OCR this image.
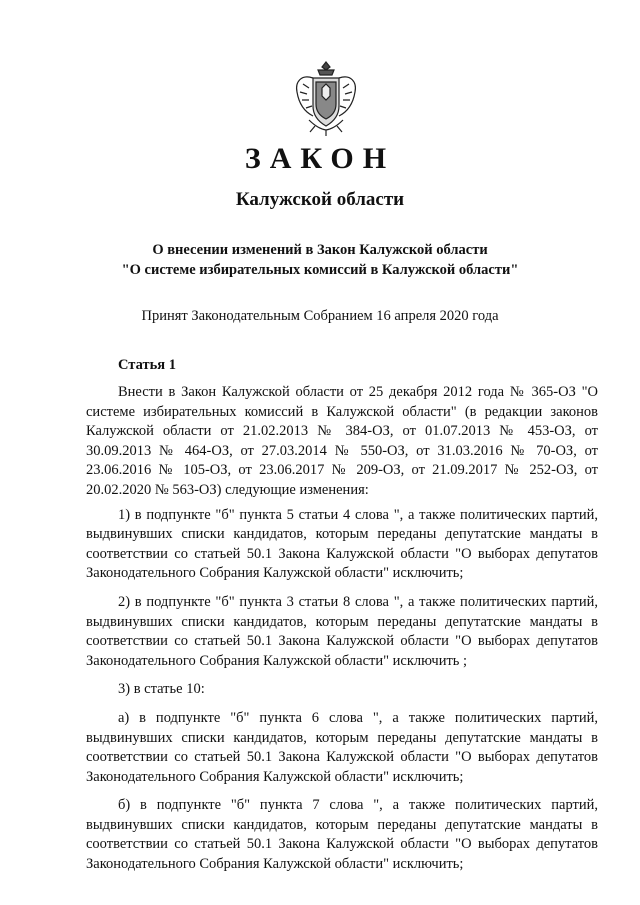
ЗАКОН
Калужской области
О внесении изменений в Закон Калужской области
"О системе избирательных комиссий в Калужской области"
Принят Законодательным Собранием 16 апреля 2020 года

Статья 1

Внести в Закон Калужской области от 25 декабря 2012 года № 365-ОЗ "О системе избирательных комиссий в Калужской области" (в редакции законов Калужской области от 21.02.2013 № 384-ОЗ, от 01.07.2013 № 453-ОЗ, от 30.09.2013 № 464-ОЗ, от 27.03.2014 № 550-ОЗ, от 31.03.2016 № 70-ОЗ, от 23.06.2016 № 105-ОЗ, от 23.06.2017 № 209-ОЗ, от 21.09.2017 № 252-ОЗ, от 20.02.2020 № 563-ОЗ) следующие изменения:

1) в подпункте "б" пункта 5 статьи 4 слова ", а также политических партий, выдвинувших списки кандидатов, которым переданы депутатские мандаты в соответствии со статьей 50.1 Закона Калужской области "О выборах депутатов Законодательного Собрания Калужской области" исключить;

2) в подпункте "б" пункта 3 статьи 8 слова ", а также политических партий, выдвинувших списки кандидатов, которым переданы депутатские мандаты в соответствии со статьей 50.1 Закона Калужской области "О выборах депутатов Законодательного Собрания Калужской области" исключить ;

3) в статье 10:

а) в подпункте "б" пункта 6 слова ", а также политических партий, выдвинувших списки кандидатов, которым переданы депутатские мандаты в соответствии со статьей 50.1 Закона Калужской области "О выборах депутатов Законодательного Собрания Калужской области" исключить;

б) в подпункте "б" пункта 7 слова ", а также политических партий, выдвинувших списки кандидатов, которым переданы депутатские мандаты в соответствии со статьей 50.1 Закона Калужской области "О выборах депутатов Законодательного Собрания Калужской области" исключить;
